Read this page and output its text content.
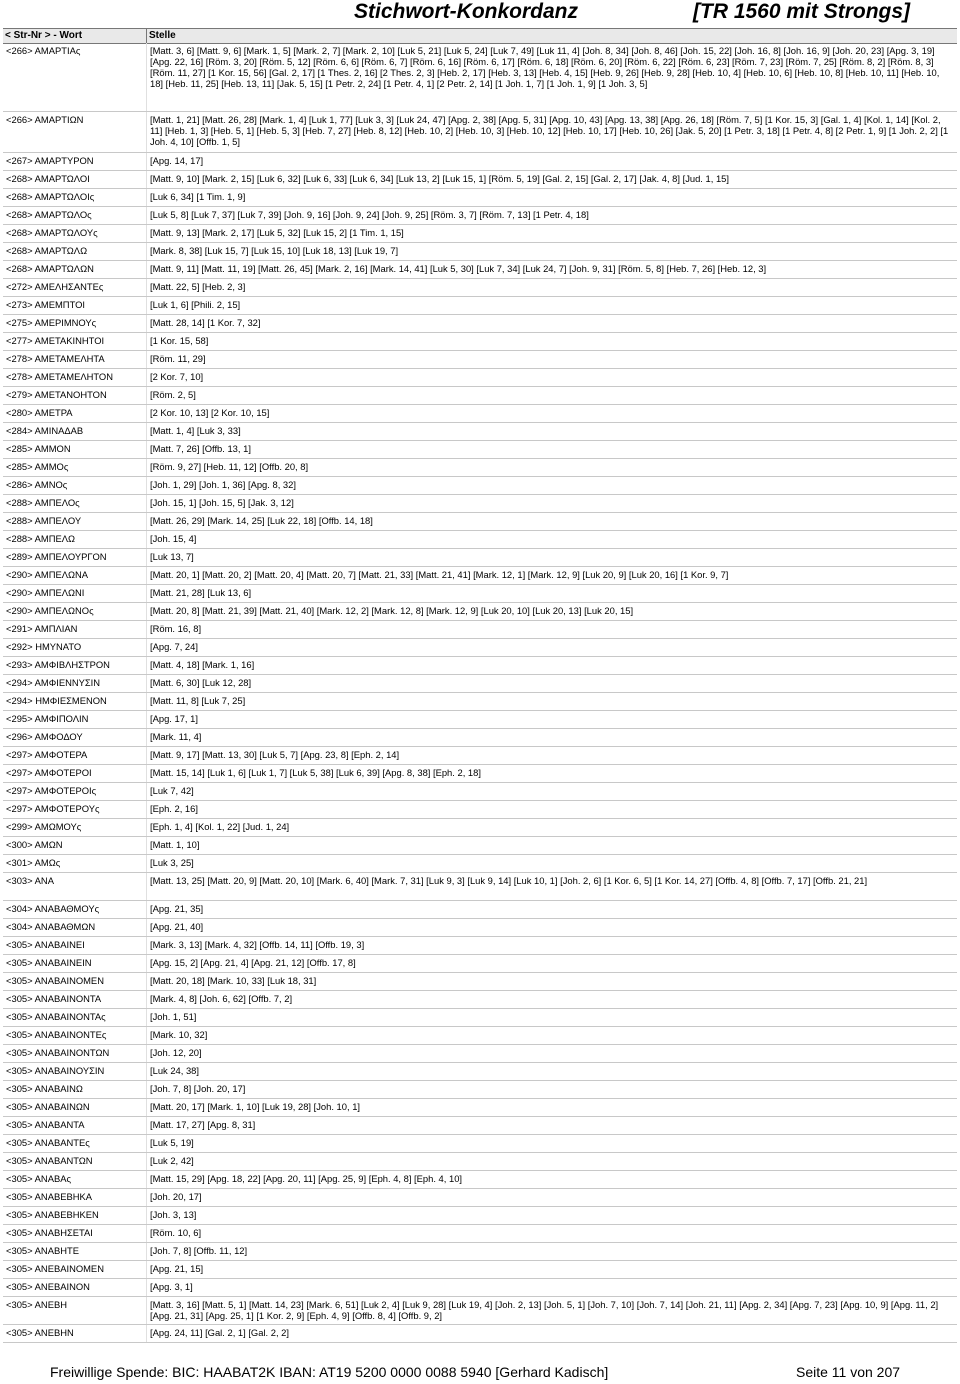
Stichwort-Konkordanz	[TR 1560 mit Strongs]
< Str-Nr > - Wort	Stelle
<266> ΑΜΑΡΤΙΑς	[Matt. 3, 6] [Matt. 9, 6] [Mark. 1, 5] [Mark. 2, 7] [Mark. 2, 10] [Luk 5, 21] [Luk 5, 24] [Luk 7, 49] [Luk 11, 4] [Joh. 8, 34] [Joh. 8, 46] [Joh. 15, 22] [Joh. 16, 8] [Joh. 16, 9] [Joh. 20, 23] [Apg. 3, 19] [Apg. 22, 16] [Röm. 3, 20] [Röm. 5, 12] [Röm. 6, 6] [Röm. 6, 7] [Röm. 6, 16] [Röm. 6, 17] [Röm. 6, 18] [Röm. 6, 20] [Röm. 6, 22] [Röm. 6, 23] [Röm. 7, 23] [Röm. 7, 25] [Röm. 8, 2] [Röm. 8, 3] [Röm. 11, 27] [1 Kor. 15, 56] [Gal. 2, 17] [1 Thes. 2, 16] [2 Thes. 2, 3] [Heb. 2, 17] [Heb. 3, 13] [Heb. 4, 15] [Heb. 9, 26] [Heb. 9, 28] [Heb. 10, 4] [Heb. 10, 6] [Heb. 10, 8] [Heb. 10, 11] [Heb. 10, 18] [Heb. 11, 25] [Heb. 13, 11] [Jak. 5, 15] [1 Petr. 2, 24] [1 Petr. 4, 1] [2 Petr. 2, 14] [1 Joh. 1, 7] [1 Joh. 1, 9] [1 Joh. 3, 5]
<266> ΑΜΑΡΤΙΩΝ	[Matt. 1, 21] [Matt. 26, 28] [Mark. 1, 4] [Luk 1, 77] [Luk 3, 3] [Luk 24, 47] [Apg. 2, 38] [Apg. 5, 31] [Apg. 10, 43] [Apg. 13, 38] [Apg. 26, 18] [Röm. 7, 5] [1 Kor. 15, 3] [Gal. 1, 4] [Kol. 1, 14] [Kol. 2, 11] [Heb. 1, 3] [Heb. 5, 1] [Heb. 5, 3] [Heb. 7, 27] [Heb. 8, 12] [Heb. 10, 2] [Heb. 10, 3] [Heb. 10, 12] [Heb. 10, 17] [Heb. 10, 26] [Jak. 5, 20] [1 Petr. 3, 18] [1 Petr. 4, 8] [2 Petr. 1, 9] [1 Joh. 2, 2] [1 Joh. 4, 10] [Offb. 1, 5]
<267> ΑΜΑΡΤΥΡΟΝ	[Apg. 14, 17]
<268> ΑΜΑΡΤΩΛΟΙ	[Matt. 9, 10] [Mark. 2, 15] [Luk 6, 32] [Luk 6, 33] [Luk 6, 34] [Luk 13, 2] [Luk 15, 1] [Röm. 5, 19] [Gal. 2, 15] [Gal. 2, 17] [Jak. 4, 8] [Jud. 1, 15]
<268> ΑΜΑΡΤΩΛΟΙς	[Luk 6, 34] [1 Tim. 1, 9]
<268> ΑΜΑΡΤΩΛΟς	[Luk 5, 8] [Luk 7, 37] [Luk 7, 39] [Joh. 9, 16] [Joh. 9, 24] [Joh. 9, 25] [Röm. 3, 7] [Röm. 7, 13] [1 Petr. 4, 18]
<268> ΑΜΑΡΤΩΛΟΥς	[Matt. 9, 13] [Mark. 2, 17] [Luk 5, 32] [Luk 15, 2] [1 Tim. 1, 15]
<268> ΑΜΑΡΤΩΛΩ	[Mark. 8, 38] [Luk 15, 7] [Luk 15, 10] [Luk 18, 13] [Luk 19, 7]
<268> ΑΜΑΡΤΩΛΩΝ	[Matt. 9, 11] [Matt. 11, 19] [Matt. 26, 45] [Mark. 2, 16] [Mark. 14, 41] [Luk 5, 30] [Luk 7, 34] [Luk 24, 7] [Joh. 9, 31] [Röm. 5, 8] [Heb. 7, 26] [Heb. 12, 3]
<272> ΑΜΕΛΗΣΑΝΤΕς	[Matt. 22, 5] [Heb. 2, 3]
<273> ΑΜΕΜΠΤΟΙ	[Luk 1, 6] [Phili. 2, 15]
<275> ΑΜΕΡΙΜΝΟΥς	[Matt. 28, 14] [1 Kor. 7, 32]
<277> ΑΜΕΤΑΚΙΝΗΤΟΙ	[1 Kor. 15, 58]
<278> ΑΜΕΤΑΜΕΛΗΤΑ	[Röm. 11, 29]
<278> ΑΜΕΤΑΜΕΛΗΤΟΝ	[2 Kor. 7, 10]
<279> ΑΜΕΤΑΝΟΗΤΟΝ	[Röm. 2, 5]
<280> ΑΜΕΤΡΑ	[2 Kor. 10, 13] [2 Kor. 10, 15]
<284> ΑΜΙΝΑΔΑΒ	[Matt. 1, 4] [Luk 3, 33]
<285> ΑΜΜΟΝ	[Matt. 7, 26] [Offb. 13, 1]
<285> ΑΜΜΟς	[Röm. 9, 27] [Heb. 11, 12] [Offb. 20, 8]
<286> ΑΜΝΟς	[Joh. 1, 29] [Joh. 1, 36] [Apg. 8, 32]
<288> ΑΜΠΕΛΟς	[Joh. 15, 1] [Joh. 15, 5] [Jak. 3, 12]
<288> ΑΜΠΕΛΟΥ	[Matt. 26, 29] [Mark. 14, 25] [Luk 22, 18] [Offb. 14, 18]
<288> ΑΜΠΕΛΩ	[Joh. 15, 4]
<289> ΑΜΠΕΛΟΥΡΓΟΝ	[Luk 13, 7]
<290> ΑΜΠΕΛΩΝΑ	[Matt. 20, 1] [Matt. 20, 2] [Matt. 20, 4] [Matt. 20, 7] [Matt. 21, 33] [Matt. 21, 41] [Mark. 12, 1] [Mark. 12, 9] [Luk 20, 9] [Luk 20, 16] [1 Kor. 9, 7]
<290> ΑΜΠΕΛΩΝΙ	[Matt. 21, 28] [Luk 13, 6]
<290> ΑΜΠΕΛΩΝΟς	[Matt. 20, 8] [Matt. 21, 39] [Matt. 21, 40] [Mark. 12, 2] [Mark. 12, 8] [Mark. 12, 9] [Luk 20, 10] [Luk 20, 13] [Luk 20, 15]
<291> ΑΜΠΛΙΑΝ	[Röm. 16, 8]
<292> ΗΜΥΝΑΤΟ	[Apg. 7, 24]
<293> ΑΜΦΙΒΛΗΣΤΡΟΝ	[Matt. 4, 18] [Mark. 1, 16]
<294> ΑΜΦΙΕΝΝΥΣΙΝ	[Matt. 6, 30] [Luk 12, 28]
<294> ΗΜΦΙΕΣΜΕΝΟΝ	[Matt. 11, 8] [Luk 7, 25]
<295> ΑΜΦΙΠΟΛΙΝ	[Apg. 17, 1]
<296> ΑΜΦΟΔΟΥ	[Mark. 11, 4]
<297> ΑΜΦΟΤΕΡΑ	[Matt. 9, 17] [Matt. 13, 30] [Luk 5, 7] [Apg. 23, 8] [Eph. 2, 14]
<297> ΑΜΦΟΤΕΡΟΙ	[Matt. 15, 14] [Luk 1, 6] [Luk 1, 7] [Luk 5, 38] [Luk 6, 39] [Apg. 8, 38] [Eph. 2, 18]
<297> ΑΜΦΟΤΕΡΟΙς	[Luk 7, 42]
<297> ΑΜΦΟΤΕΡΟΥς	[Eph. 2, 16]
<299> ΑΜΩΜΟΥς	[Eph. 1, 4] [Kol. 1, 22] [Jud. 1, 24]
<300> ΑΜΩΝ	[Matt. 1, 10]
<301> ΑΜΩς	[Luk 3, 25]
<303> ΑΝΑ	[Matt. 13, 25] [Matt. 20, 9] [Matt. 20, 10] [Mark. 6, 40] [Mark. 7, 31] [Luk 9, 3] [Luk 9, 14] [Luk 10, 1] [Joh. 2, 6] [1 Kor. 6, 5] [1 Kor. 14, 27] [Offb. 4, 8] [Offb. 7, 17] [Offb. 21, 21]
<304> ΑΝΑΒΑΘΜΟΥς	[Apg. 21, 35]
<304> ΑΝΑΒΑΘΜΩΝ	[Apg. 21, 40]
<305> ΑΝΑΒΑΙΝΕΙ	[Mark. 3, 13] [Mark. 4, 32] [Offb. 14, 11] [Offb. 19, 3]
<305> ΑΝΑΒΑΙΝΕΙΝ	[Apg. 15, 2] [Apg. 21, 4] [Apg. 21, 12] [Offb. 17, 8]
<305> ΑΝΑΒΑΙΝΟΜΕΝ	[Matt. 20, 18] [Mark. 10, 33] [Luk 18, 31]
<305> ΑΝΑΒΑΙΝΟΝΤΑ	[Mark. 4, 8] [Joh. 6, 62] [Offb. 7, 2]
<305> ΑΝΑΒΑΙΝΟΝΤΑς	[Joh. 1, 51]
<305> ΑΝΑΒΑΙΝΟΝΤΕς	[Mark. 10, 32]
<305> ΑΝΑΒΑΙΝΟΝΤΩΝ	[Joh. 12, 20]
<305> ΑΝΑΒΑΙΝΟΥΣΙΝ	[Luk 24, 38]
<305> ΑΝΑΒΑΙΝΩ	[Joh. 7, 8] [Joh. 20, 17]
<305> ΑΝΑΒΑΙΝΩΝ	[Matt. 20, 17] [Mark. 1, 10] [Luk 19, 28] [Joh. 10, 1]
<305> ΑΝΑΒΑΝΤΑ	[Matt. 17, 27] [Apg. 8, 31]
<305> ΑΝΑΒΑΝΤΕς	[Luk 5, 19]
<305> ΑΝΑΒΑΝΤΩΝ	[Luk 2, 42]
<305> ΑΝΑΒΑς	[Matt. 15, 29] [Apg. 18, 22] [Apg. 20, 11] [Apg. 25, 9] [Eph. 4, 8] [Eph. 4, 10]
<305> ΑΝΑΒΕΒΗΚΑ	[Joh. 20, 17]
<305> ΑΝΑΒΕΒΗΚΕΝ	[Joh. 3, 13]
<305> ΑΝΑΒΗΣΕΤΑΙ	[Röm. 10, 6]
<305> ΑΝΑΒΗΤΕ	[Joh. 7, 8] [Offb. 11, 12]
<305> ΑΝΕΒΑΙΝΟΜΕΝ	[Apg. 21, 15]
<305> ΑΝΕΒΑΙΝΟΝ	[Apg. 3, 1]
<305> ΑΝΕΒΗ	[Matt. 3, 16] [Matt. 5, 1] [Matt. 14, 23] [Mark. 6, 51] [Luk 2, 4] [Luk 9, 28] [Luk 19, 4] [Joh. 2, 13] [Joh. 5, 1] [Joh. 7, 10] [Joh. 7, 14] [Joh. 21, 11] [Apg. 2, 34] [Apg. 7, 23] [Apg. 10, 9] [Apg. 11, 2] [Apg. 21, 31] [Apg. 25, 1] [1 Kor. 2, 9] [Eph. 4, 9] [Offb. 8, 4] [Offb. 9, 2]
<305> ΑΝΕΒΗΝ	[Apg. 24, 11] [Gal. 2, 1] [Gal. 2, 2]
Freiwillige Spende: BIC: HAABAT2K IBAN: AT19 5200 0000 0088 5940 [Gerhard Kadisch]	Seite 11 von 207
